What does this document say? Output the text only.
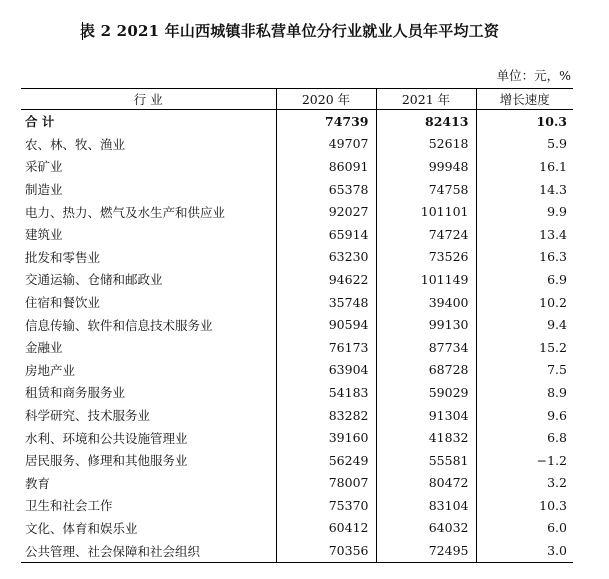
表 2 2021 年山西城镇非私营单位分行业就业人员年平均工资
单位：元，%
行 业	2020 年	2021 年	增长速度
合 计	74739	82413	10.3
农、林、牧、渔业	49707	52618	5.9
采矿业	86091	99948	16.1
制造业	65378	74758	14.3
电力、热力、燃气及水生产和供应业	92027	101101	9.9
建筑业	65914	74724	13.4
批发和零售业	63230	73526	16.3
交通运输、仓储和邮政业	94622	101149	6.9
住宿和餐饮业	35748	39400	10.2
信息传输、软件和信息技术服务业	90594	99130	9.4
金融业	76173	87734	15.2
房地产业	63904	68728	7.5
租赁和商务服务业	54183	59029	8.9
科学研究、技术服务业	83282	91304	9.6
水利、环境和公共设施管理业	39160	41832	6.8
居民服务、修理和其他服务业	56249	55581	−1.2
教育	78007	80472	3.2
卫生和社会工作	75370	83104	10.3
文化、体育和娱乐业	60412	64032	6.0
公共管理、社会保障和社会组织	70356	72495	3.0
